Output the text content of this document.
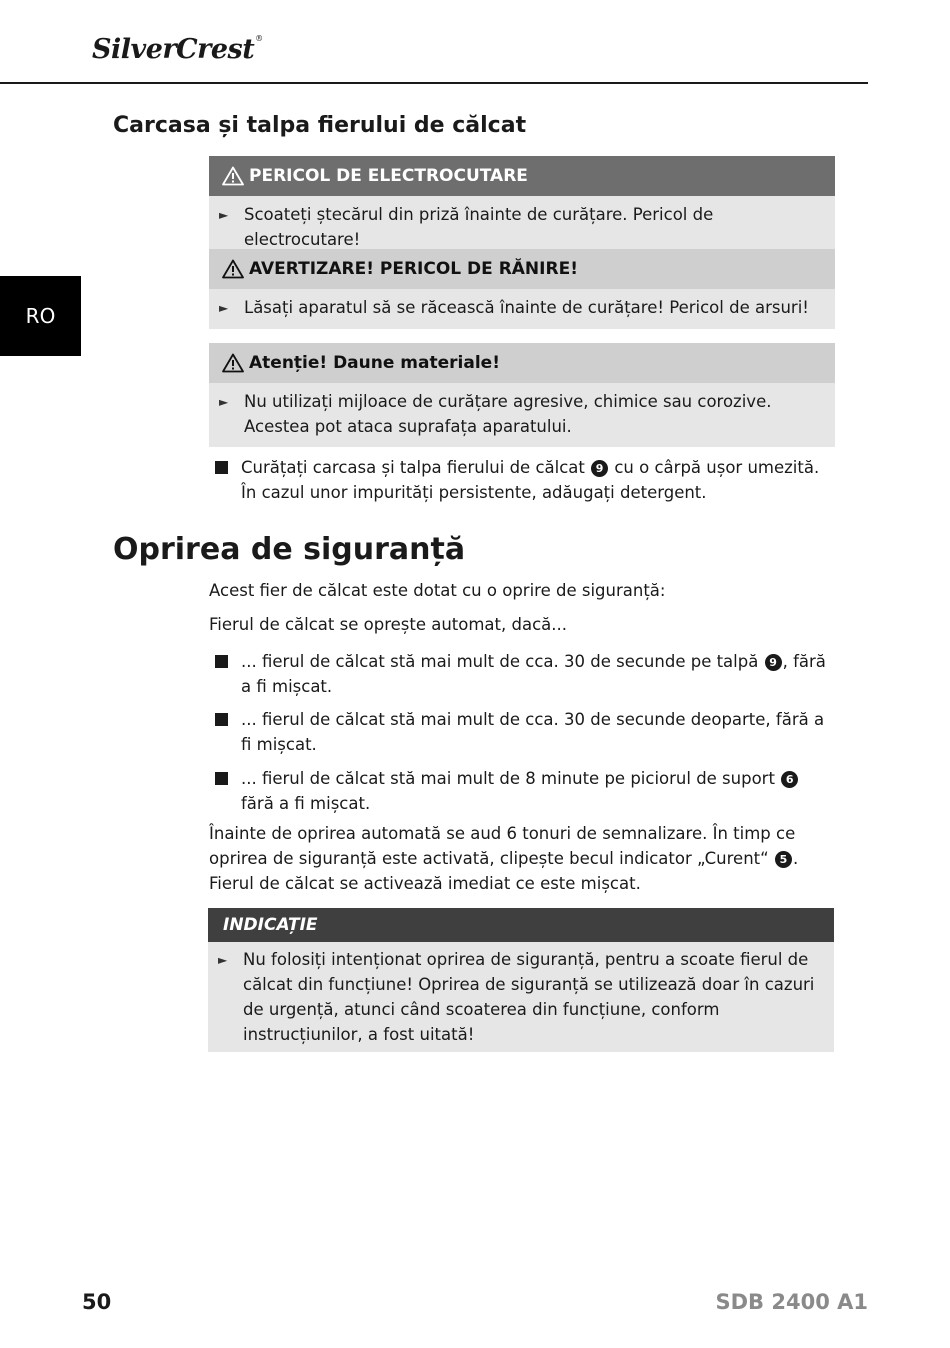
SilverCrest®
RO
Carcasa și talpa fierului de călcat
PERICOL DE ELECTROCUTARE
► Scoateți ștecărul din priză înainte de curățare. Pericol de electrocutare!
AVERTIZARE! PERICOL DE RĂNIRE!
► Lăsați aparatul să se răcească înainte de curățare! Pericol de arsuri!
Atenție! Daune materiale!
► Nu utilizați mijloace de curățare agresive, chimice sau corozive. Acestea pot ataca suprafața aparatului.
Curățați carcasa și talpa fierului de călcat 9 cu o cârpă ușor umezită. În cazul unor impurități persistente, adăugați detergent.
Oprirea de siguranță

Acest fier de călcat este dotat cu o oprire de siguranță:

Fierul de călcat se oprește automat, dacă...

... fierul de călcat stă mai mult de cca. 30 de secunde pe talpă 9 , fără a fi mișcat.
... fierul de călcat stă mai mult de cca. 30 de secunde deoparte, fără a fi mișcat.
... fierul de călcat stă mai mult de 8 minute pe piciorul de suport 6 fără a fi mișcat.

Înainte de oprirea automată se aud 6 tonuri de semnalizare. În timp ce oprirea de siguranță este activată, clipește becul indicator „Curent“ 5 . Fierul de călcat se activează imediat ce este mișcat.

INDICAȚIE
► Nu folosiți intenționat oprirea de siguranță, pentru a scoate fierul de călcat din funcțiune! Oprirea de siguranță se utilizează doar în cazuri de urgență, atunci când scoaterea din funcțiune, conform instrucțiunilor, a fost uitată!
50	SDB 2400 A1
